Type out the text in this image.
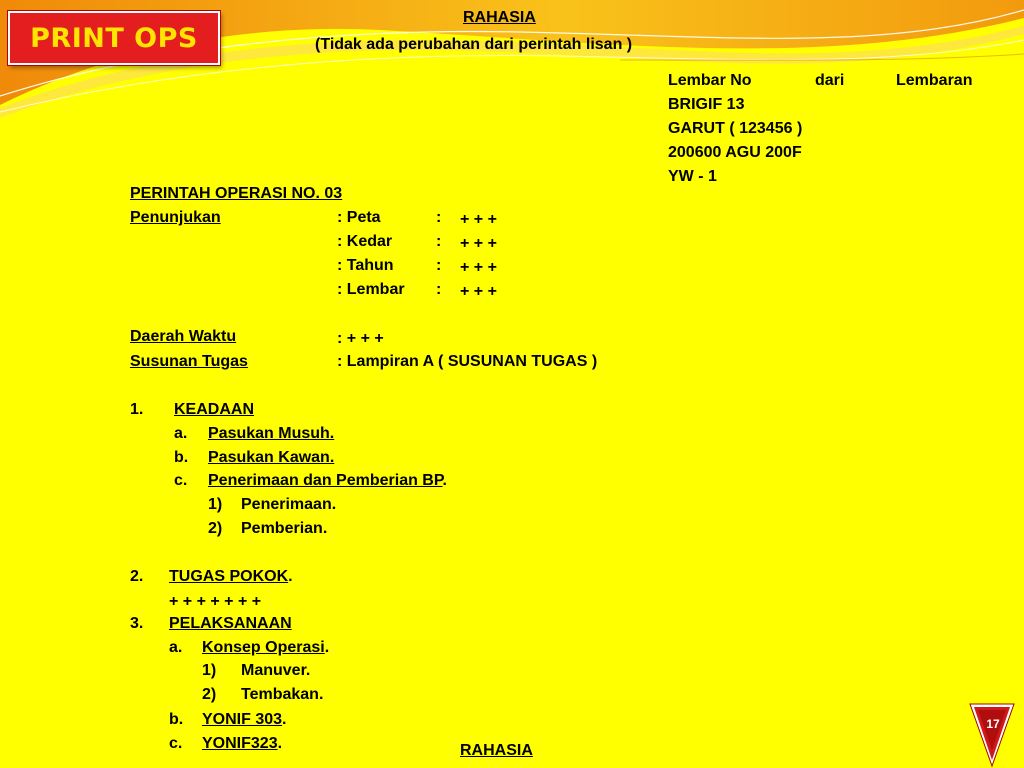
PRINT OPS
RAHASIA
(Tidak ada perubahan dari perintah lisan )
Lembar No	dari	Lembaran
BRIGIF 13
GARUT ( 123456 )
200600 AGU 200F
YW - 1
PERINTAH OPERASI NO. 03
Penunjukan	: Peta	: + + +
: Kedar	: + + +
: Tahun	: + + +
: Lembar : + + +
Daerah Waktu	: + + +
Susunan Tugas	: Lampiran A ( SUSUNAN TUGAS )
1. KEADAAN
a. Pasukan Musuh.
b. Pasukan Kawan.
c. Penerimaan dan Pemberian BP.
1) Penerimaan.
2) Pemberian.
2. TUGAS POKOK.
+ + + + + + +
3. PELAKSANAAN
a. Konsep Operasi.
1) Manuver.
2) Tembakan.
b. YONIF 303.
c. YONIF323.	RAHASIA
17
